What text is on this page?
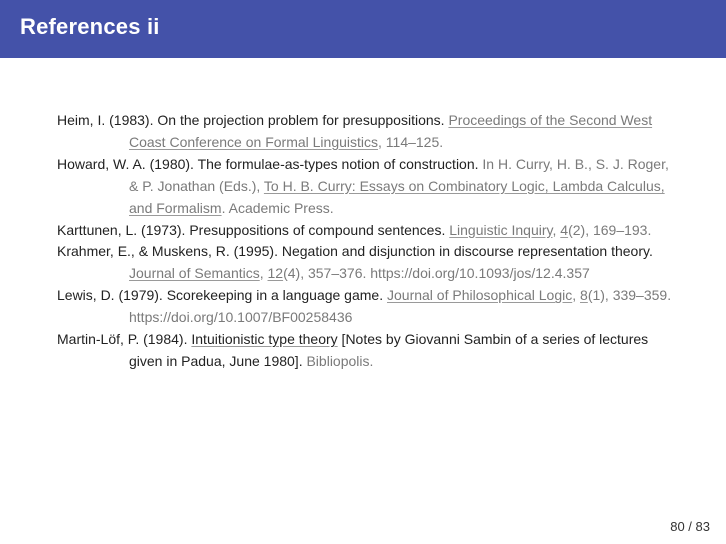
References ii
Heim, I. (1983). On the projection problem for presuppositions. Proceedings of the Second West Coast Conference on Formal Linguistics, 114–125.
Howard, W. A. (1980). The formulae-as-types notion of construction. In H. Curry, H. B., S. J. Roger, & P. Jonathan (Eds.), To H. B. Curry: Essays on Combinatory Logic, Lambda Calculus, and Formalism. Academic Press.
Karttunen, L. (1973). Presuppositions of compound sentences. Linguistic Inquiry, 4(2), 169–193.
Krahmer, E., & Muskens, R. (1995). Negation and disjunction in discourse representation theory. Journal of Semantics, 12(4), 357–376. https://doi.org/10.1093/jos/12.4.357
Lewis, D. (1979). Scorekeeping in a language game. Journal of Philosophical Logic, 8(1), 339–359. https://doi.org/10.1007/BF00258436
Martin-Löf, P. (1984). Intuitionistic type theory [Notes by Giovanni Sambin of a series of lectures given in Padua, June 1980]. Bibliopolis.
80 / 83
